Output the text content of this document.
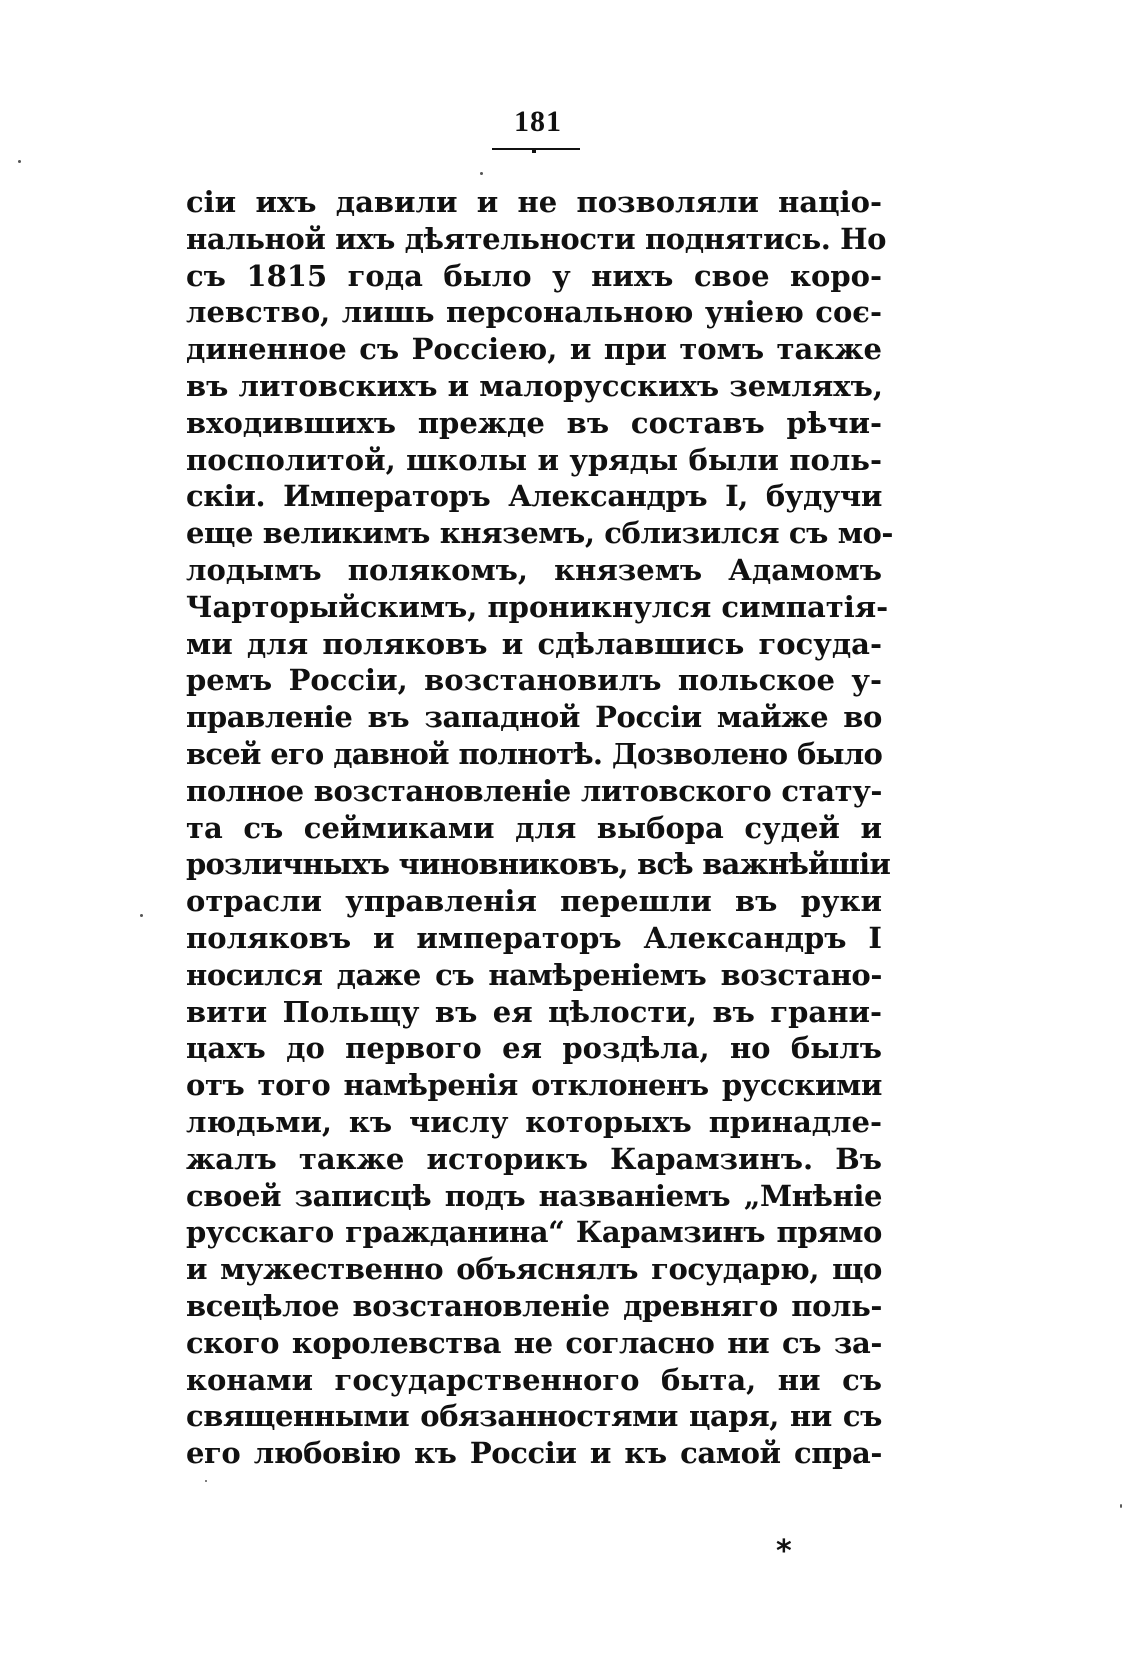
181
сіи ихъ давили и не позволяли націо-
нальной ихъ дѣятельности поднятись. Но
съ 1815 года было у нихъ свое коро-
левство, лишь персональною уніею соє-
диненное съ Россіею, и при томъ также
въ литовскихъ и малорусскихъ земляхъ,
входившихъ прежде въ составъ рѣчи-
посполитой, школы и уряды были поль-
скіи. Императоръ Александръ I, будучи
еще великимъ княземъ, сблизился съ мо-
лодымъ полякомъ, княземъ Адамомъ
Чарторыйскимъ, проникнулся симпатія-
ми для поляковъ и сдѣлавшись госуда-
ремъ Россіи, возстановилъ польское у-
правленіе въ западной Россіи майже во
всей его давной полнотѣ. Дозволено было
полное возстановленіе литовского стату-
та съ сеймиками для выбора судей и
розличныхъ чиновниковъ, всѣ важнѣйшіи
отрасли управленія перешли въ руки
поляковъ и императоръ Александръ I
носился даже съ намѣреніемъ возстано-
вити Польщу въ ея цѣлости, въ грани-
цахъ до первого ея роздѣла, но былъ
отъ того намѣренія отклоненъ русскими
людьми, къ числу которыхъ принадле-
жалъ также историкъ Карамзинъ. Въ
своей записцѣ подъ названіемъ „Мнѣніе
русскаго гражданина“ Карамзинъ прямо
и мужественно объяснялъ государю, що
всецѣлое возстановленіе древняго поль-
ского королевства не согласно ни съ за-
конами государственного быта, ни съ
священными обязанностями царя, ни съ
его любовію къ Россіи и къ самой спра-
*
